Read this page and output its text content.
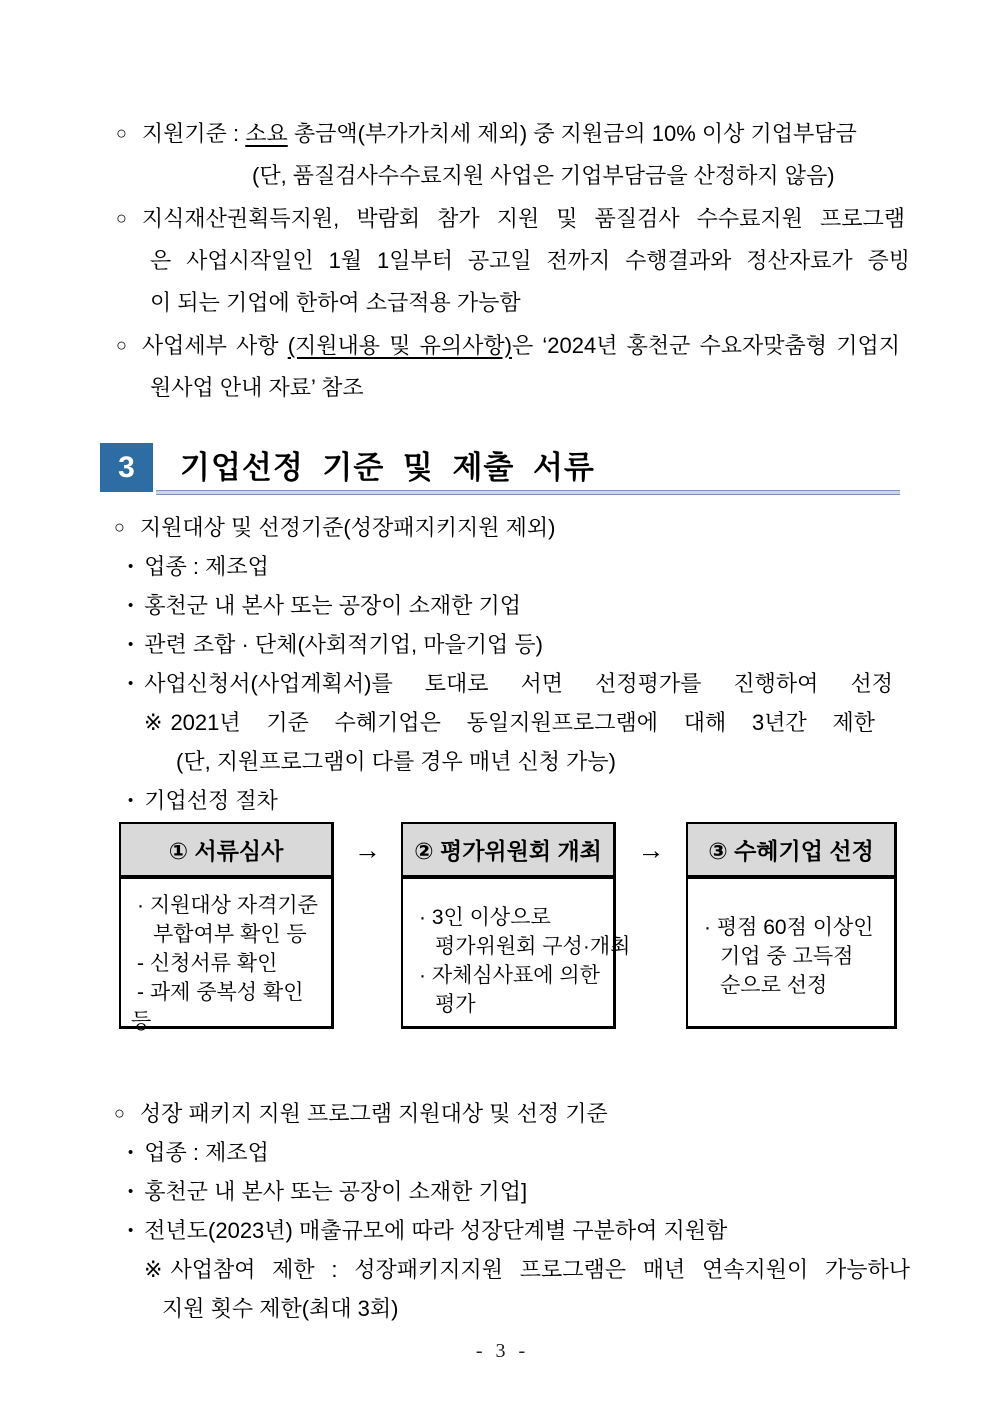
○ 지원기준 : 소요 총금액(부가가치세 제외) 중 지원금의 10% 이상 기업부담금
(단, 품질검사수수료지원 사업은 기업부담금을 산정하지 않음)
○ 지식재산권획득지원, 박람회 참가 지원 및 품질검사 수수료지원 프로그램
은 사업시작일인 1월 1일부터 공고일 전까지 수행결과와 정산자료가 증빙
이 되는 기업에 한하여 소급적용 가능함
○ 사업세부 사항 (지원내용 및 유의사항)은 ‘2024년 홍천군 수요자맞춤형 기업지
원사업 안내 자료’ 참조
3 기업선정 기준 및 제출 서류
○ 지원대상 및 선정기준(성장패지키지원 제외)
• 업종 : 제조업
• 홍천군 내 본사 또는 공장이 소재한 기업
• 관련 조합 · 단체(사회적기업, 마을기업 등)
• 사업신청서(사업계획서)를 토대로 서면 선정평가를 진행하여 선정
※ 2021년 기준 수혜기업은 동일지원프로그램에 대해 3년간 제한
(단, 지원프로그램이 다를 경우 매년 신청 가능)
• 기업선정 절차
① 서류심사
· 지원대상 자격기준
부합여부 확인 등
- 신청서류 확인
- 과제 중복성 확인
등
→	② 평가위원회 개최
· 3인 이상으로
평가위원회 구성·개최
· 자체심사표에 의한
평가
→	③ 수혜기업 선정
· 평점 60점 이상인
기업 중 고득점
순으로 선정
○ 성장 패키지 지원 프로그램 지원대상 및 선정 기준
• 업종 : 제조업
• 홍천군 내 본사 또는 공장이 소재한 기업]
• 전년도(2023년) 매출규모에 따라 성장단계별 구분하여 지원함
※ 사업참여 제한 : 성장패키지지원 프로그램은 매년 연속지원이 가능하나
지원 횟수 제한(최대 3회)
- 3 -
